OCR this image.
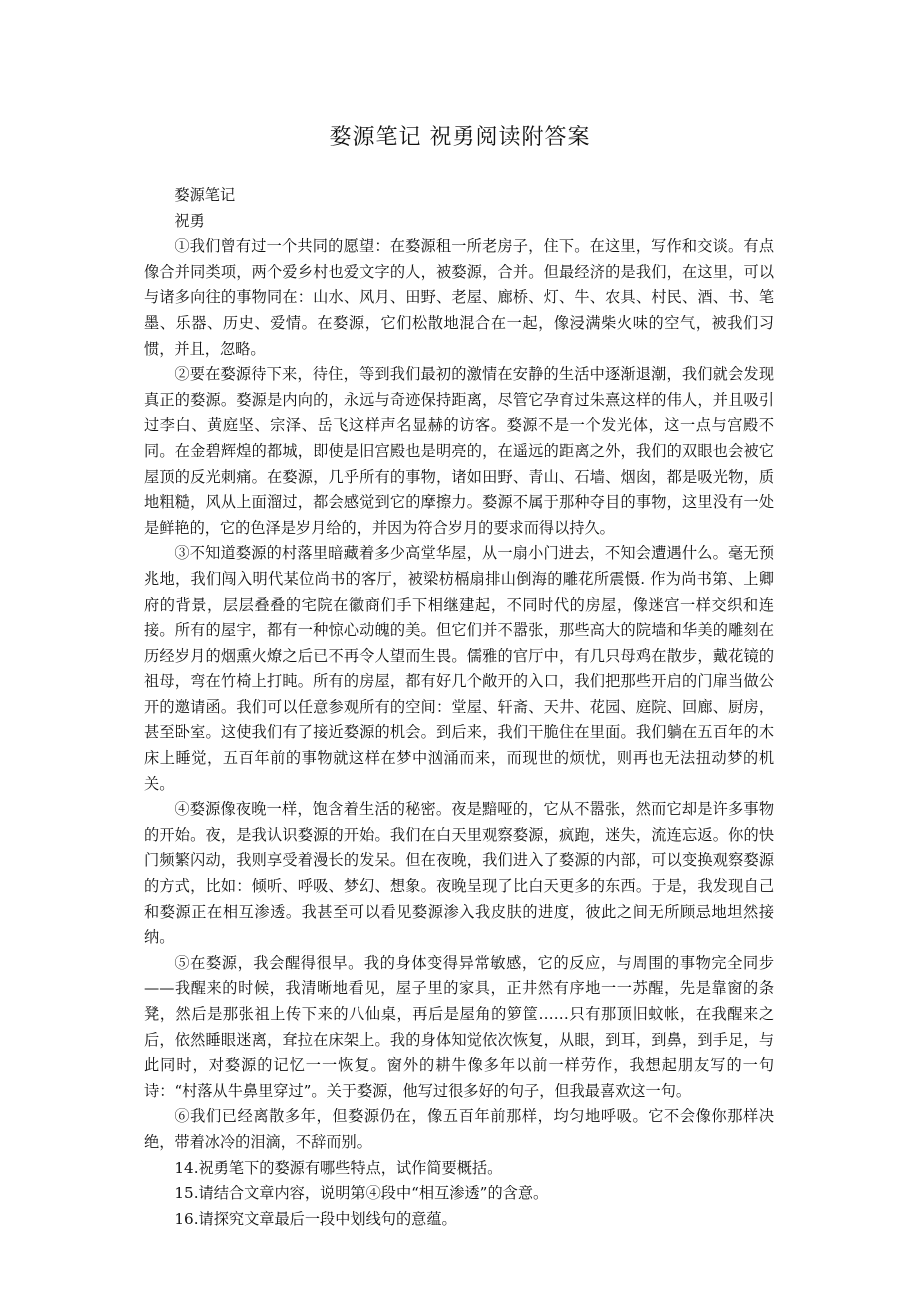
婺源笔记 祝勇阅读附答案

婺源笔记

祝勇

①我们曾有过一个共同的愿望：在婺源租一所老房子，住下。在这里，写作和交谈。有点像合并同类项，两个爱乡村也爱文字的人，被婺源，合并。但最经济的是我们，在这里，可以与诸多向往的事物同在：山水、风月、田野、老屋、廊桥、灯、牛、农具、村民、酒、书、笔墨、乐器、历史、爱情。在婺源，它们松散地混合在一起，像浸满柴火味的空气，被我们习惯，并且，忽略。

②要在婺源待下来，待住，等到我们最初的激情在安静的生活中逐渐退潮，我们就会发现真正的婺源。婺源是内向的，永远与奇迹保持距离，尽管它孕育过朱熹这样的伟人，并且吸引过李白、黄庭坚、宗泽、岳飞这样声名显赫的访客。婺源不是一个发光体，这一点与宫殿不同。在金碧辉煌的都城，即使是旧宫殿也是明亮的，在遥远的距离之外，我们的双眼也会被它屋顶的反光刺痛。在婺源，几乎所有的事物，诸如田野、青山、石墙、烟囱，都是吸光物，质地粗糙，风从上面溜过，都会感觉到它的摩擦力。婺源不属于那种夺目的事物，这里没有一处是鲜艳的，它的色泽是岁月给的，并因为符合岁月的要求而得以持久。

③不知道婺源的村落里暗藏着多少高堂华屋，从一扇小门进去，不知会遭遇什么。毫无预兆地，我们闯入明代某位尚书的客厅，被梁枋槅扇排山倒海的雕花所震慑. 作为尚书第、上卿府的背景，层层叠叠的宅院在徽商们手下相继建起，不同时代的房屋，像迷宫一样交织和连接。所有的屋宇，都有一种惊心动魄的美。但它们并不嚣张，那些高大的院墙和华美的雕刻在历经岁月的烟熏火燎之后已不再令人望而生畏。儒雅的官厅中，有几只母鸡在散步，戴花镜的祖母，弯在竹椅上打盹。所有的房屋，都有好几个敞开的入口，我们把那些开启的门扉当做公开的邀请函。我们可以任意参观所有的空间：堂屋、轩斋、天井、花园、庭院、回廊、厨房，甚至卧室。这使我们有了接近婺源的机会。到后来，我们干脆住在里面。我们躺在五百年的木床上睡觉，五百年前的事物就这样在梦中汹涌而来，而现世的烦忧，则再也无法扭动梦的机关。

④婺源像夜晚一样，饱含着生活的秘密。夜是黯哑的，它从不嚣张，然而它却是许多事物的开始。夜，是我认识婺源的开始。我们在白天里观察婺源，疯跑，迷失，流连忘返。你的快门频繁闪动，我则享受着漫长的发呆。但在夜晚，我们进入了婺源的内部，可以变换观察婺源的方式，比如：倾听、呼吸、梦幻、想象。夜晚呈现了比白天更多的东西。于是，我发现自己和婺源正在相互渗透。我甚至可以看见婺源渗入我皮肤的进度，彼此之间无所顾忌地坦然接纳。

⑤在婺源，我会醒得很早。我的身体变得异常敏感，它的反应，与周围的事物完全同步——我醒来的时候，我清晰地看见，屋子里的家具，正井然有序地一一苏醒，先是靠窗的条凳，然后是那张祖上传下来的八仙桌，再后是屋角的箩筐……只有那顶旧蚊帐，在我醒来之后，依然睡眼迷离，耷拉在床架上。我的身体知觉依次恢复，从眼，到耳，到鼻，到手足，与此同时，对婺源的记忆一一恢复。窗外的耕牛像多年以前一样劳作，我想起朋友写的一句诗：“村落从牛鼻里穿过”。关于婺源，他写过很多好的句子，但我最喜欢这一句。

⑥我们已经离散多年，但婺源仍在，像五百年前那样，均匀地呼吸。它不会像你那样决绝，带着冰冷的泪滴，不辞而别。

14.祝勇笔下的婺源有哪些特点，试作简要概括。

15.请结合文章内容，说明第④段中“相互渗透”的含意。

16.请探究文章最后一段中划线句的意蕴。
